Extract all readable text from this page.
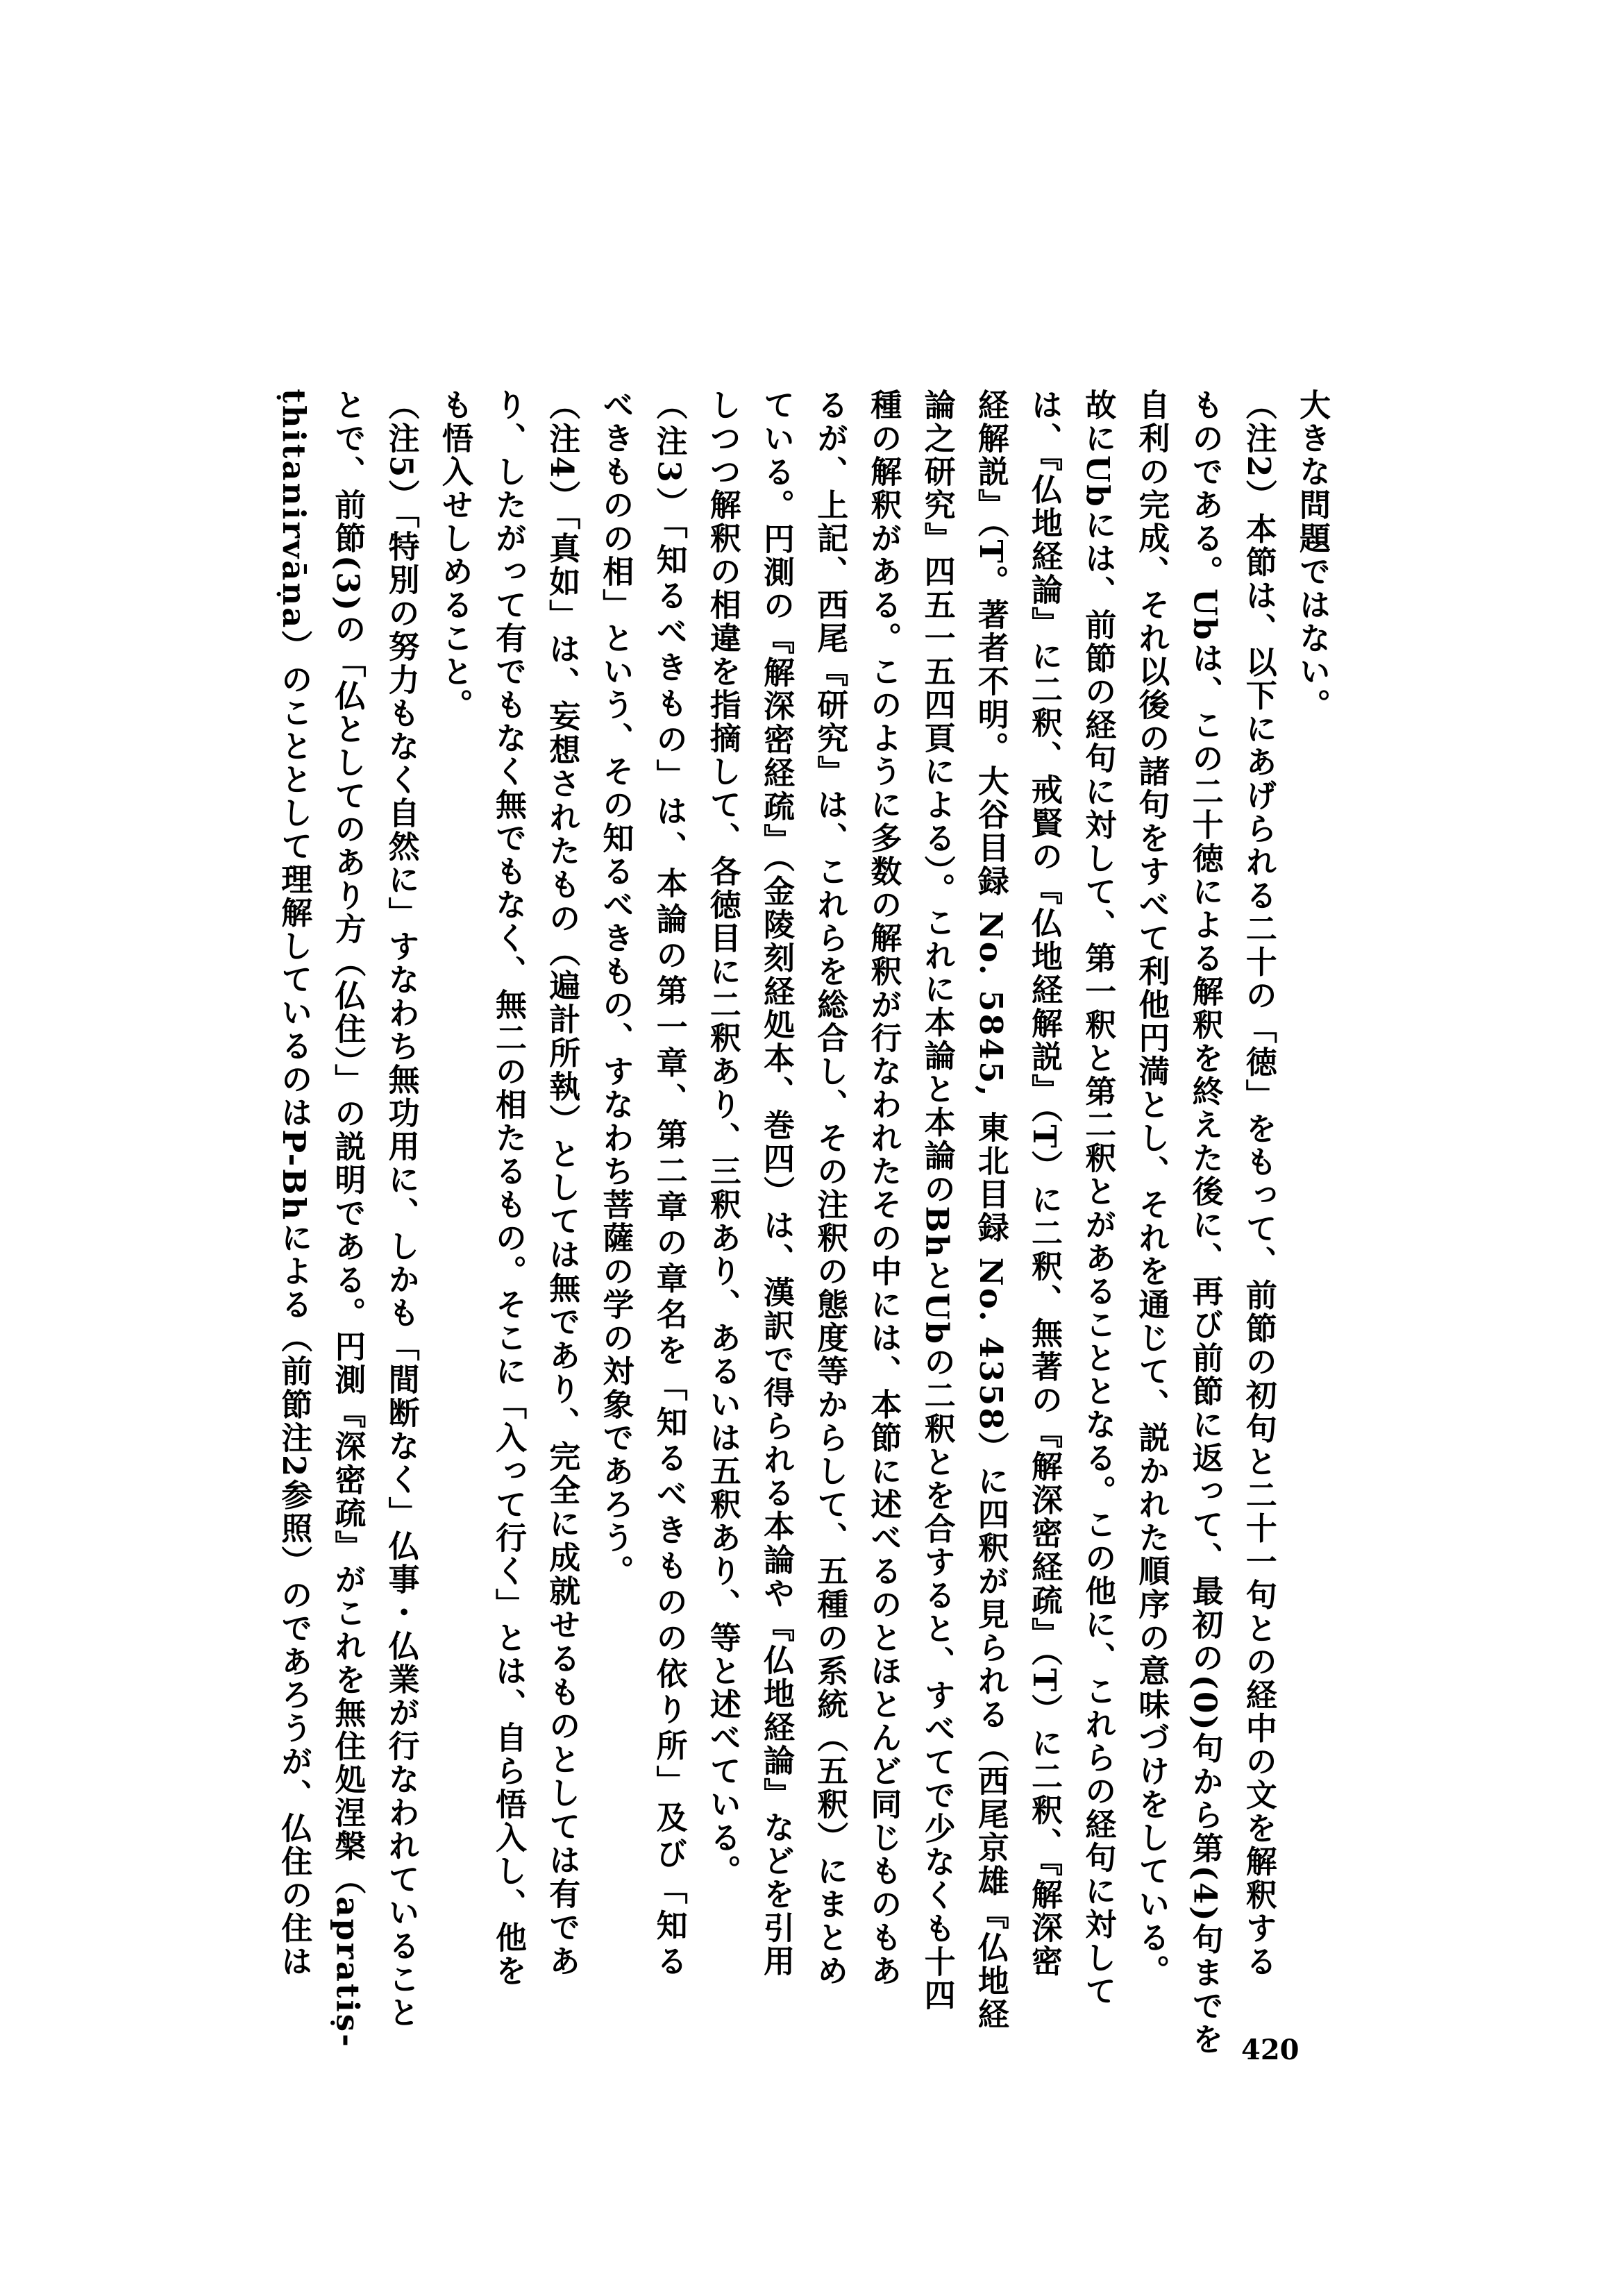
大きな問題ではない。
（注2）本節は、以下にあげられる二十の「徳」をもって、前節の初句と二十一句との経中の文を解釈する
ものである。Ubは、この二十徳による解釈を終えた後に、再び前節に返って、最初の(0)句から第(4)句までを
自利の完成、それ以後の諸句をすべて利他円満とし、それを通じて、説かれた順序の意味づけをしている。
故にUbには、前節の経句に対して、第一釈と第二釈とがあることとなる。この他に、これらの経句に対して
は、『仏地経論』に二釈、戒賢の『仏地経解説』（T）に二釈、無著の『解深密経疏』（T）に二釈、『解深密
経解説』（T。著者不明。大谷目録 No. 5845, 東北目録 No. 4358）に四釈が見られる（西尾京雄『仏地経
論之研究』四五一五四頁による）。これに本論と本論のBhとUbの二釈とを合すると、すべてで少なくも十四
種の解釈がある。このように多数の解釈が行なわれたその中には、本節に述べるのとほとんど同じものもあ
るが、上記、西尾『研究』は、これらを総合し、その注釈の態度等からして、五種の系統（五釈）にまとめ
ている。円測の『解深密経疏』（金陵刻経処本、巻四）は、漢訳で得られる本論や『仏地経論』などを引用
しつつ解釈の相違を指摘して、各徳目に二釈あり、三釈あり、あるいは五釈あり、等と述べている。
（注3）「知るべきもの」は、本論の第一章、第二章の章名を「知るべきものの依り所」及び「知る
べきものの相」という、その知るべきもの、すなわち菩薩の学の対象であろう。
（注4）「真如」は、妄想されたもの（遍計所執）としては無であり、完全に成就せるものとしては有であ
り、したがって有でもなく無でもなく、無二の相たるもの。そこに「入って行く」とは、自ら悟入し、他を
も悟入せしめること。
（注5）「特別の努力もなく自然に」すなわち無功用に、しかも「間断なく」仏事・仏業が行なわれていること
とで、前節(3)の「仏としてのあり方（仏住）」の説明である。円測『深密疏』がこれを無住処涅槃（apratiṣ-
ṭhitanirvāṇa）のこととして理解しているのはP-Bhによる（前節注2参照）のであろうが、仏住の住は
420
